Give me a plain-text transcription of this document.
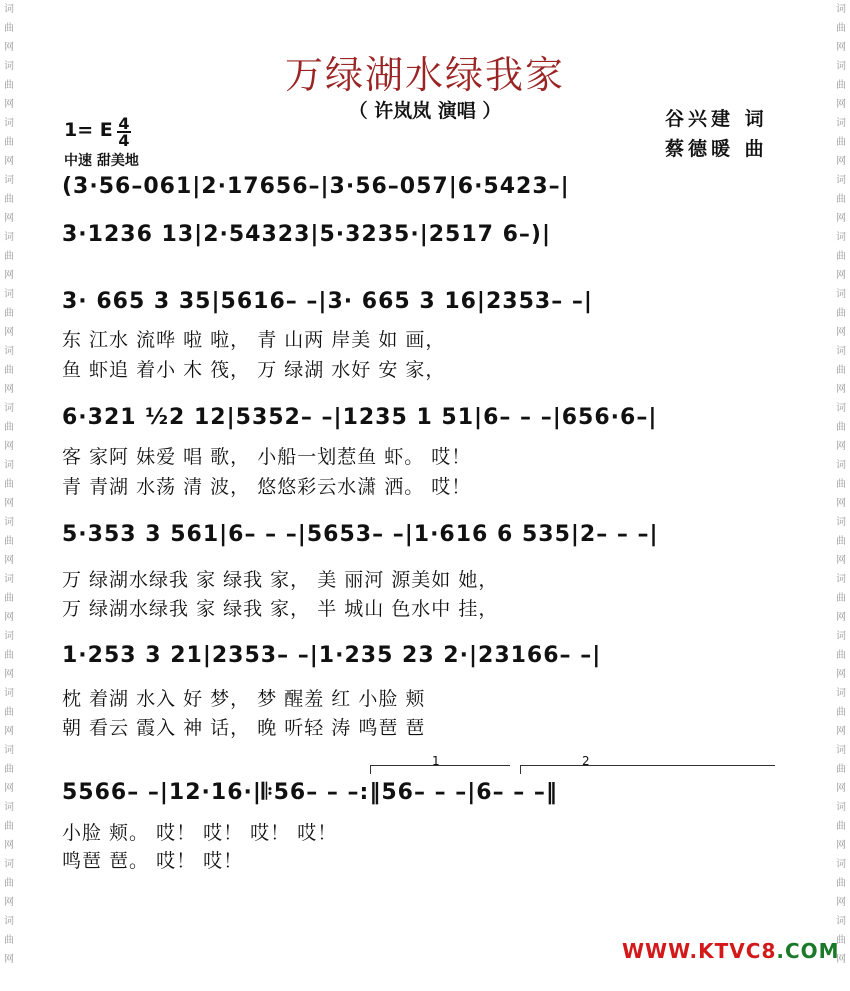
词
曲
网
词
曲
网
词
曲
网
词
曲
网
词
曲
网
词
曲
网
词
曲
网
词
曲
网
词
曲
网
词
曲
网
词
曲
网
词
曲
网
词
曲
网
词
曲
网
词
曲
网
词
曲
网
词
曲
网
词
曲
网
词
曲
网
词
曲
网
词
曲
网
词
曲
网
词
曲
网
词
曲
网
词
曲
网
词
曲
网
词
曲
网
词
曲
网
词
曲
网
词
曲
网
词
曲
网
词
曲
网
词
曲
网
词
曲
网
万绿湖水绿我家
（ 许岚岚 演唱 ）	谷兴建 词
蔡德暖 曲
1= E $\frac{4}{4}$
中速 甜美地
(3·56–061|2·17656–|3·56–057|6·5423–|
3·1236 13|2·54323|5·3235·|2517 6–)|
3· 665 3 35|5616– –|3· 665 3 16|2353– –|
6·321 ½2 12|5352– –|1235 1 51|6– – –|656·6–|
5·353 3 561|6– – –|5653– –|1·616 6 535|2– – –|
1·253 3 21|2353– –|1·235 23 2·|23166– –|
5566– –|12·16·|𝄆56– – –:‖56– – –|6– – –‖
东 江水 流哗 啦 啦， 青 山两 岸美 如 画，
鱼 虾追 着小 木 筏， 万 绿湖 水好 安 家，
客 家阿 妹爱 唱 歌， 小船一划惹鱼 虾。 哎！
青 青湖 水荡 清 波， 悠悠彩云水潇 洒。 哎！
万 绿湖水绿我 家 绿我 家， 美 丽河 源美如 她，
万 绿湖水绿我 家 绿我 家， 半 城山 色水中 挂，
枕 着湖 水入 好 梦， 梦 醒羞 红 小脸 颊
朝 看云 霞入 神 话， 晚 听轻 涛 鸣琶 琶
小脸 颊。 哎！ 哎！ 哎！ 哎！
鸣琶 琶。 哎！ 哎！
1	2
WWW.KTVC8.COM
